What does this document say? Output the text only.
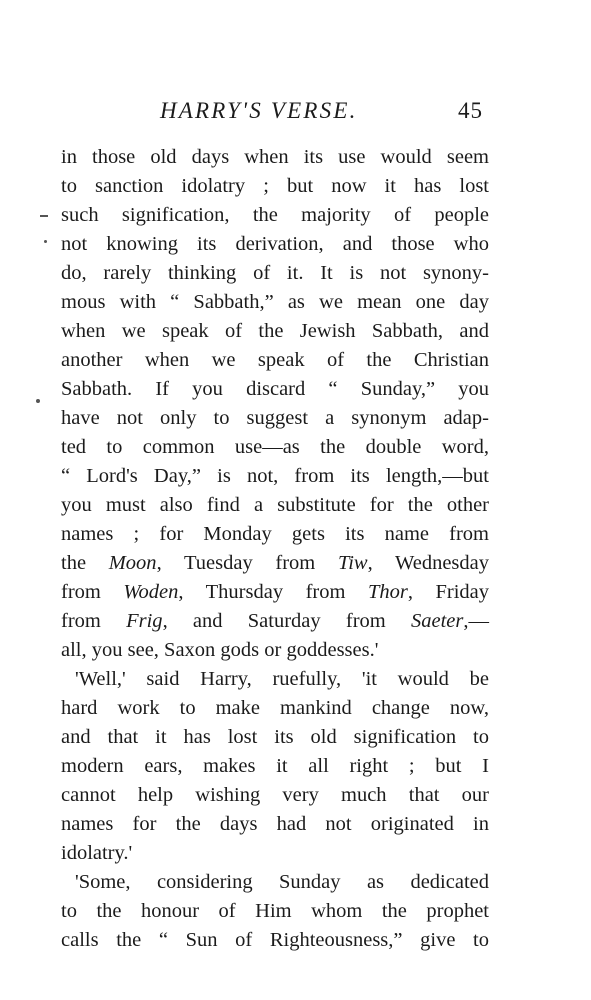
HARRY'S VERSE.	45
in those old days when its use would seem
to sanction idolatry ; but now it has lost
such signification, the majority of people
not knowing its derivation, and those who
do, rarely thinking of it. It is not synony-
mous with “ Sabbath,” as we mean one day
when we speak of the Jewish Sabbath, and
another when we speak of the Christian
Sabbath. If you discard “ Sunday,” you
have not only to suggest a synonym adap-
ted to common use—as the double word,
“ Lord's Day,” is not, from its length,—but
you must also find a substitute for the other
names ; for Monday gets its name from
the Moon, Tuesday from Tiw, Wednesday
from Woden, Thursday from Thor, Friday
from Frig, and Saturday from Saeter,—
all, you see, Saxon gods or goddesses.'
'Well,' said Harry, ruefully, 'it would be
hard work to make mankind change now,
and that it has lost its old signification to
modern ears, makes it all right ; but I
cannot help wishing very much that our
names for the days had not originated in
idolatry.'
'Some, considering Sunday as dedicated
to the honour of Him whom the prophet
calls the “ Sun of Righteousness,” give to
